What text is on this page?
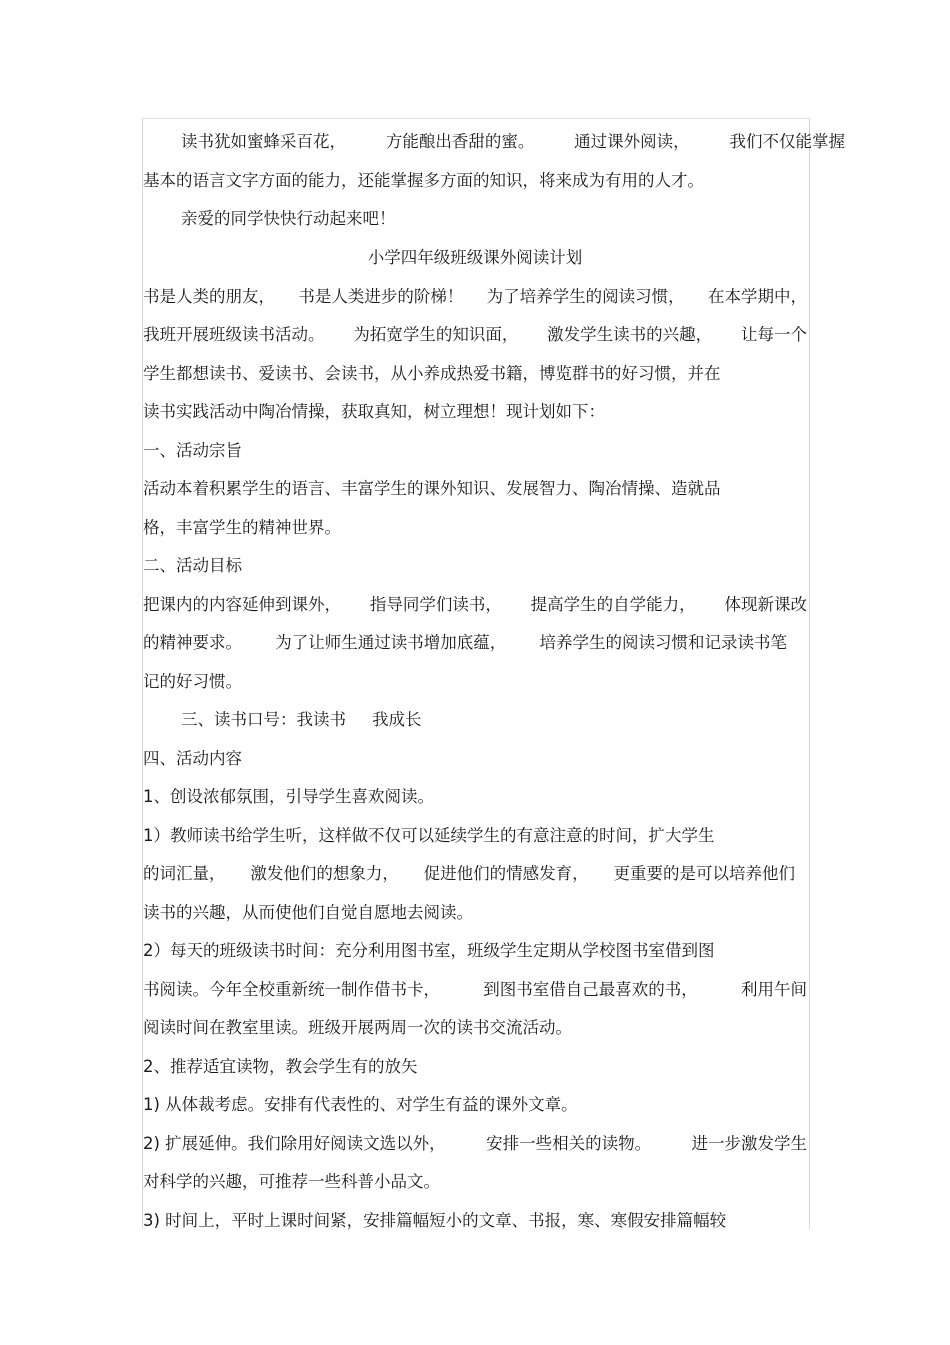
读书犹如蜜蜂采百花， 方能酿出香甜的蜜。 通过课外阅读， 我们不仅能掌握
基本的语言文字方面的能力，还能掌握多方面的知识，将来成为有用的人才。
亲爱的同学快快行动起来吧！
小学四年级班级课外阅读计划
书是人类的朋友， 书是人类进步的阶梯！ 为了培养学生的阅读习惯， 在本学期中，
我班开展班级读书活动。 为拓宽学生的知识面， 激发学生读书的兴趣， 让每一个
学生都想读书、爱读书、会读书，从小养成热爱书籍，博览群书的好习惯，并在
读书实践活动中陶冶情操，获取真知，树立理想！现计划如下：
一、活动宗旨
活动本着积累学生的语言、丰富学生的课外知识、发展智力、陶冶情操、造就品
格，丰富学生的精神世界。
二、活动目标
把课内的内容延伸到课外， 指导同学们读书， 提高学生的自学能力， 体现新课改
的精神要求。 为了让师生通过读书增加底蕴， 培养学生的阅读习惯和记录读书笔
记的好习惯。
三、读书口号：我读书 我成长
四、活动内容
1、创设浓郁氛围，引导学生喜欢阅读。
1）教师读书给学生听，这样做不仅可以延续学生的有意注意的时间，扩大学生
的词汇量， 激发他们的想象力， 促进他们的情感发育， 更重要的是可以培养他们
读书的兴趣，从而使他们自觉自愿地去阅读。
2）每天的班级读书时间：充分利用图书室，班级学生定期从学校图书室借到图
书阅读。今年全校重新统一制作借书卡，	到图书室借自己最喜欢的书，	利用午间
阅读时间在教室里读。班级开展两周一次的读书交流活动。
2、推荐适宜读物，教会学生有的放矢
1) 从体裁考虑。安排有代表性的、对学生有益的课外文章。
2) 扩展延伸。我们除用好阅读文选以外， 安排一些相关的读物。 进一步激发学生
对科学的兴趣，可推荐一些科普小品文。
3) 时间上，平时上课时间紧，安排篇幅短小的文章、书报，寒、寒假安排篇幅较
